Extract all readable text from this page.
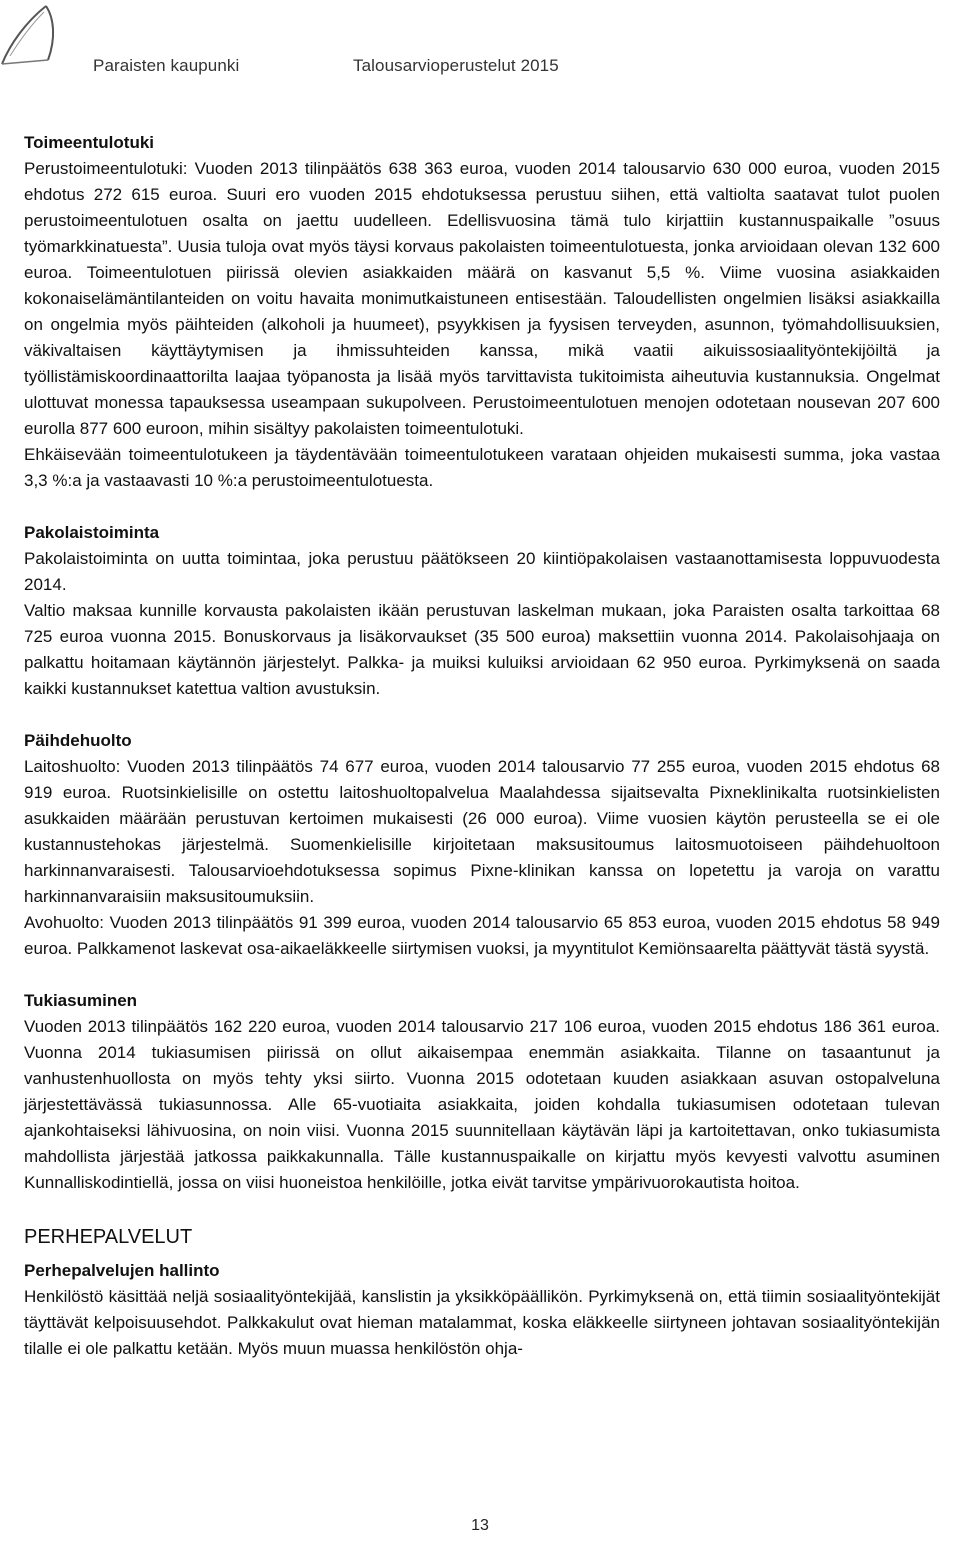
Paraisten kaupunki	Talousarvioperustelut 2015
Toimeentulotuki

Perustoimeentulotuki: Vuoden 2013 tilinpäätös 638 363 euroa, vuoden 2014 talousarvio 630 000 euroa, vuoden 2015 ehdotus 272 615 euroa. Suuri ero vuoden 2015 ehdotuksessa perustuu siihen, että valtiolta saatavat tulot puolen perustoimeentulotuen osalta on jaettu uudelleen. Edellisvuosina tämä tulo kirjattiin kustannuspaikalle ”osuus työmarkkinatuesta”. Uusia tuloja ovat myös täysi korvaus pakolaisten toimeentulotuesta, jonka arvioidaan olevan 132 600 euroa. Toimeentulotuen piirissä olevien asiakkaiden määrä on kasvanut 5,5 %. Viime vuosina asiakkaiden kokonaiselämäntilanteiden on voitu havaita monimutkaistuneen entisestään. Taloudellisten ongelmien lisäksi asiakkailla on ongelmia myös päihteiden (alkoholi ja huumeet), psyykkisen ja fyysisen terveyden, asunnon, työmahdollisuuksien, väkivaltaisen käyttäytymisen ja ihmissuhteiden kanssa, mikä vaatii aikuissosiaalityöntekijöiltä ja työllistämiskoordinaattorilta laajaa työpanosta ja lisää myös tarvittavista tukitoimista aiheutuvia kustannuksia. Ongelmat ulottuvat monessa tapauksessa useampaan sukupolveen. Perustoimeentulotuen menojen odotetaan nousevan 207 600 eurolla 877 600 euroon, mihin sisältyy pakolaisten toimeentulotuki.

Ehkäisevään toimeentulotukeen ja täydentävään toimeentulotukeen varataan ohjeiden mukaisesti summa, joka vastaa 3,3 %:a ja vastaavasti 10 %:a perustoimeentulotuesta.

Pakolaistoiminta

Pakolaistoiminta on uutta toimintaa, joka perustuu päätökseen 20 kiintiöpakolaisen vastaanottamisesta loppuvuodesta 2014.

Valtio maksaa kunnille korvausta pakolaisten ikään perustuvan laskelman mukaan, joka Paraisten osalta tarkoittaa 68 725 euroa vuonna 2015. Bonuskorvaus ja lisäkorvaukset (35 500 euroa) maksettiin vuonna 2014. Pakolaisohjaaja on palkattu hoitamaan käytännön järjestelyt. Palkka- ja muiksi kuluiksi arvioidaan 62 950 euroa. Pyrkimyksenä on saada kaikki kustannukset katettua valtion avustuksin.

Päihdehuolto

Laitoshuolto: Vuoden 2013 tilinpäätös 74 677 euroa, vuoden 2014 talousarvio 77 255 euroa, vuoden 2015 ehdotus 68 919 euroa. Ruotsinkielisille on ostettu laitoshuoltopalvelua Maalahdessa sijaitsevalta Pixneklinikalta ruotsinkielisten asukkaiden määrään perustuvan kertoimen mukaisesti (26 000 euroa). Viime vuosien käytön perusteella se ei ole kustannustehokas järjestelmä. Suomenkielisille kirjoitetaan maksusitoumus laitosmuotoiseen päihdehuoltoon harkinnanvaraisesti. Talousarvioehdotuksessa sopimus Pixne-klinikan kanssa on lopetettu ja varoja on varattu harkinnanvaraisiin maksusitoumuksiin.

Avohuolto: Vuoden 2013 tilinpäätös 91 399 euroa, vuoden 2014 talousarvio 65 853 euroa, vuoden 2015 ehdotus 58 949 euroa. Palkkamenot laskevat osa-aikaeläkkeelle siirtymisen vuoksi, ja myyntitulot Kemiönsaarelta päättyvät tästä syystä.

Tukiasuminen

Vuoden 2013 tilinpäätös 162 220 euroa, vuoden 2014 talousarvio 217 106 euroa, vuoden 2015 ehdotus 186 361 euroa. Vuonna 2014 tukiasumisen piirissä on ollut aikaisempaa enemmän asiakkaita. Tilanne on tasaantunut ja vanhustenhuollosta on myös tehty yksi siirto. Vuonna 2015 odotetaan kuuden asiakkaan asuvan ostopalveluna järjestettävässä tukiasunnossa. Alle 65-vuotiaita asiakkaita, joiden kohdalla tukiasumisen odotetaan tulevan ajankohtaiseksi lähivuosina, on noin viisi. Vuonna 2015 suunnitellaan käytävän läpi ja kartoitettavan, onko tukiasumista mahdollista järjestää jatkossa paikkakunnalla. Tälle kustannuspaikalle on kirjattu myös kevyesti valvottu asuminen Kunnalliskodintiellä, jossa on viisi huoneistoa henkilöille, jotka eivät tarvitse ympärivuorokautista hoitoa.

PERHEPALVELUT
Perhepalvelujen hallinto

Henkilöstö käsittää neljä sosiaalityöntekijää, kanslistin ja yksikköpäällikön. Pyrkimyksenä on, että tiimin sosiaalityöntekijät täyttävät kelpoisuusehdot. Palkkakulut ovat hieman matalammat, koska eläkkeelle siirtyneen johtavan sosiaalityöntekijän tilalle ei ole palkattu ketään. Myös muun muassa henkilöstön ohja-

13
